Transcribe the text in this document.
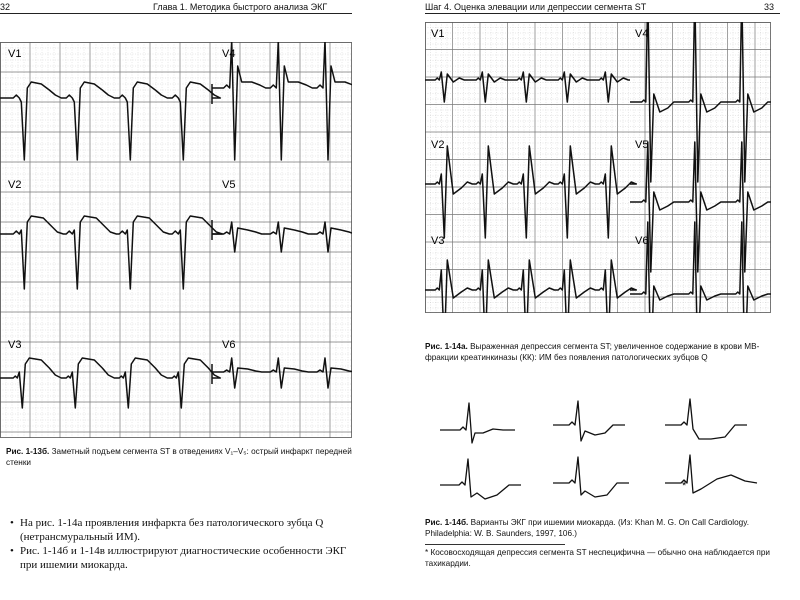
32	Глава 1. Методика быстрого анализа ЭКГ
V1
V2
V3
V4
V5
V6
Рис. 1-13б. Заметный подъем сегмента ST в отведениях V₁–V₅: острый инфаркт передней стенки
• На рис. 1-14а проявления инфаркта без патологического зубца Q (нетрансмуральный ИМ).
• Рис. 1-14б и 1-14в иллюстрируют диагностические особенности ЭКГ при ишемии миокарда.
Шаг 4. Оценка элевации или депрессии сегмента ST	33
V1
V2
V3
V4
V5
V6
Рис. 1-14а. Выраженная депрессия сегмента ST; увеличенное содержание в крови МВ-фракции креатинкиназы (КК): ИМ без появления патологических зубцов Q
*
Рис. 1-14б. Варианты ЭКГ при ишемии миокарда. (Из: Khan M. G. On Call Cardiology. Philadelphia: W. B. Saunders, 1997, 106.)
* Косовосходящая депрессия сегмента ST неспецифична — обычно она наблюдается при тахикардии.
